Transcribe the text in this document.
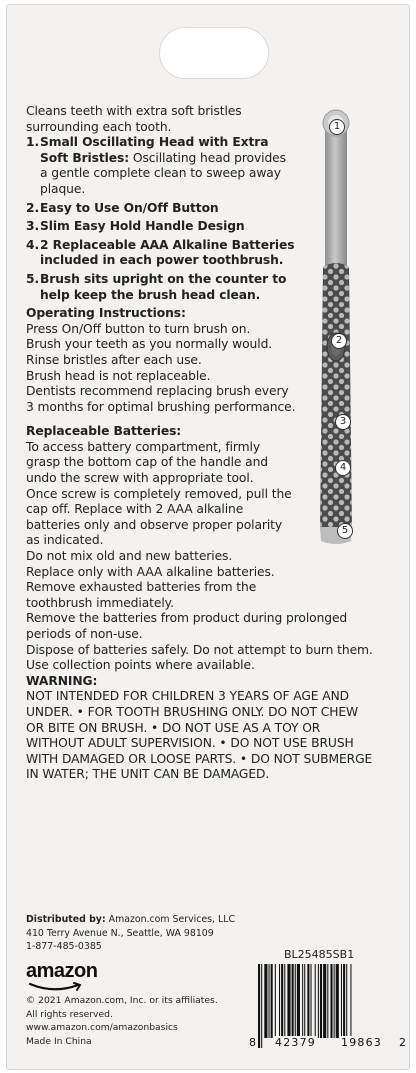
1
2
3
4
5

Cleans teeth with extra soft bristles surrounding each tooth.

1. Small Oscillating Head with Extra Soft Bristles: Oscillating head provides a gentle complete clean to sweep away plaque.
2. Easy to Use On/Off Button
3. Slim Easy Hold Handle Design
4. 2 Replaceable AAA Alkaline Batteries included in each power toothbrush.
5. Brush sits upright on the counter to help keep the brush head clean.

Operating Instructions:

Press On/Off button to turn brush on.

Brush your teeth as you normally would.

Rinse bristles after each use.

Brush head is not replaceable.

Dentists recommend replacing brush every 3 months for optimal brushing performance.

Replaceable Batteries:

To access battery compartment, firmly grasp the bottom cap of the handle and undo the screw with appropriate tool.

Once screw is completely removed, pull the cap off. Replace with 2 AAA alkaline batteries only and observe proper polarity as indicated.

Do not mix old and new batteries.

Replace only with AAA alkaline batteries.

Remove exhausted batteries from the toothbrush immediately.

Remove the batteries from product during prolonged periods of non-use.

Dispose of batteries safely. Do not attempt to burn them.

Use collection points where available.

WARNING:

NOT INTENDED FOR CHILDREN 3 YEARS OF AGE AND UNDER. • FOR TOOTH BRUSHING ONLY. DO NOT CHEW OR BITE ON BRUSH. • DO NOT USE AS A TOY OR WITHOUT ADULT SUPERVISION. • DO NOT USE BRUSH WITH DAMAGED OR LOOSE PARTS. • DO NOT SUBMERGE IN WATER; THE UNIT CAN BE DAMAGED.

Distributed by: Amazon.com Services, LLC

410 Terry Avenue N., Seattle, WA 98109

1-877-485-0385

amazon

© 2021 Amazon.com, Inc. or its affiliates. All rights reserved.

www.amazon.com/amazonbasics

Made In China

BL25485SB1
8 42379 19863 2
